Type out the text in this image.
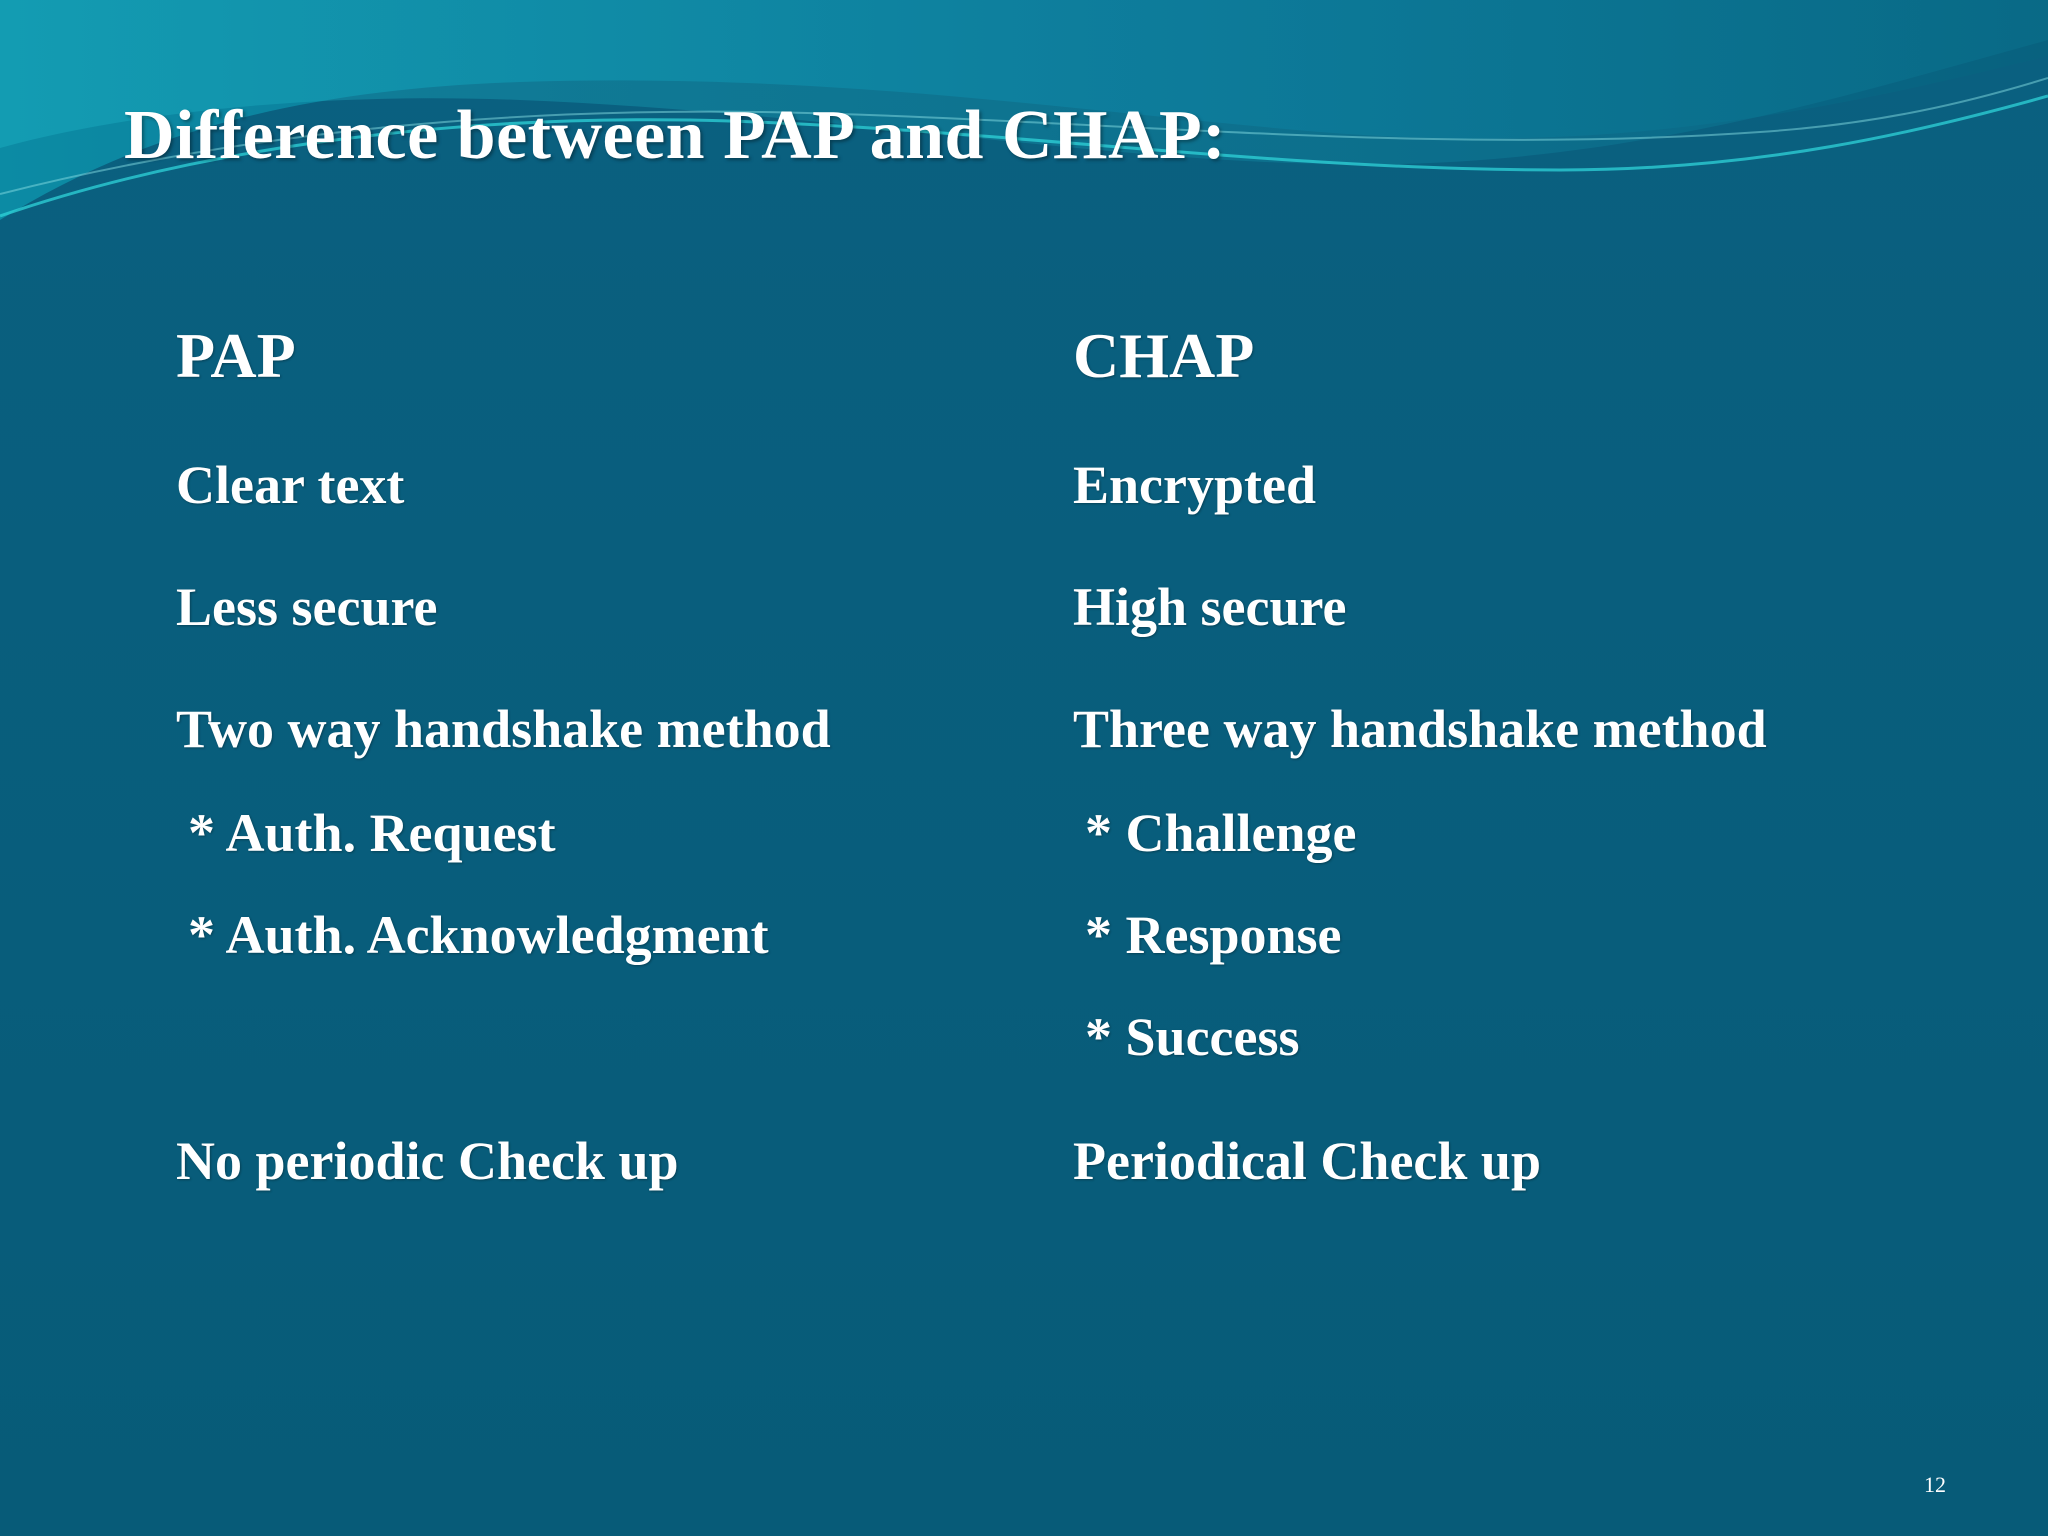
Difference between PAP and CHAP:
PAP
Clear text
Less secure
Two way handshake method
* Auth. Request
* Auth. Acknowledgment
No periodic Check up
CHAP
Encrypted
High secure
Three way handshake method
* Challenge
* Response
* Success
Periodical Check up
12
